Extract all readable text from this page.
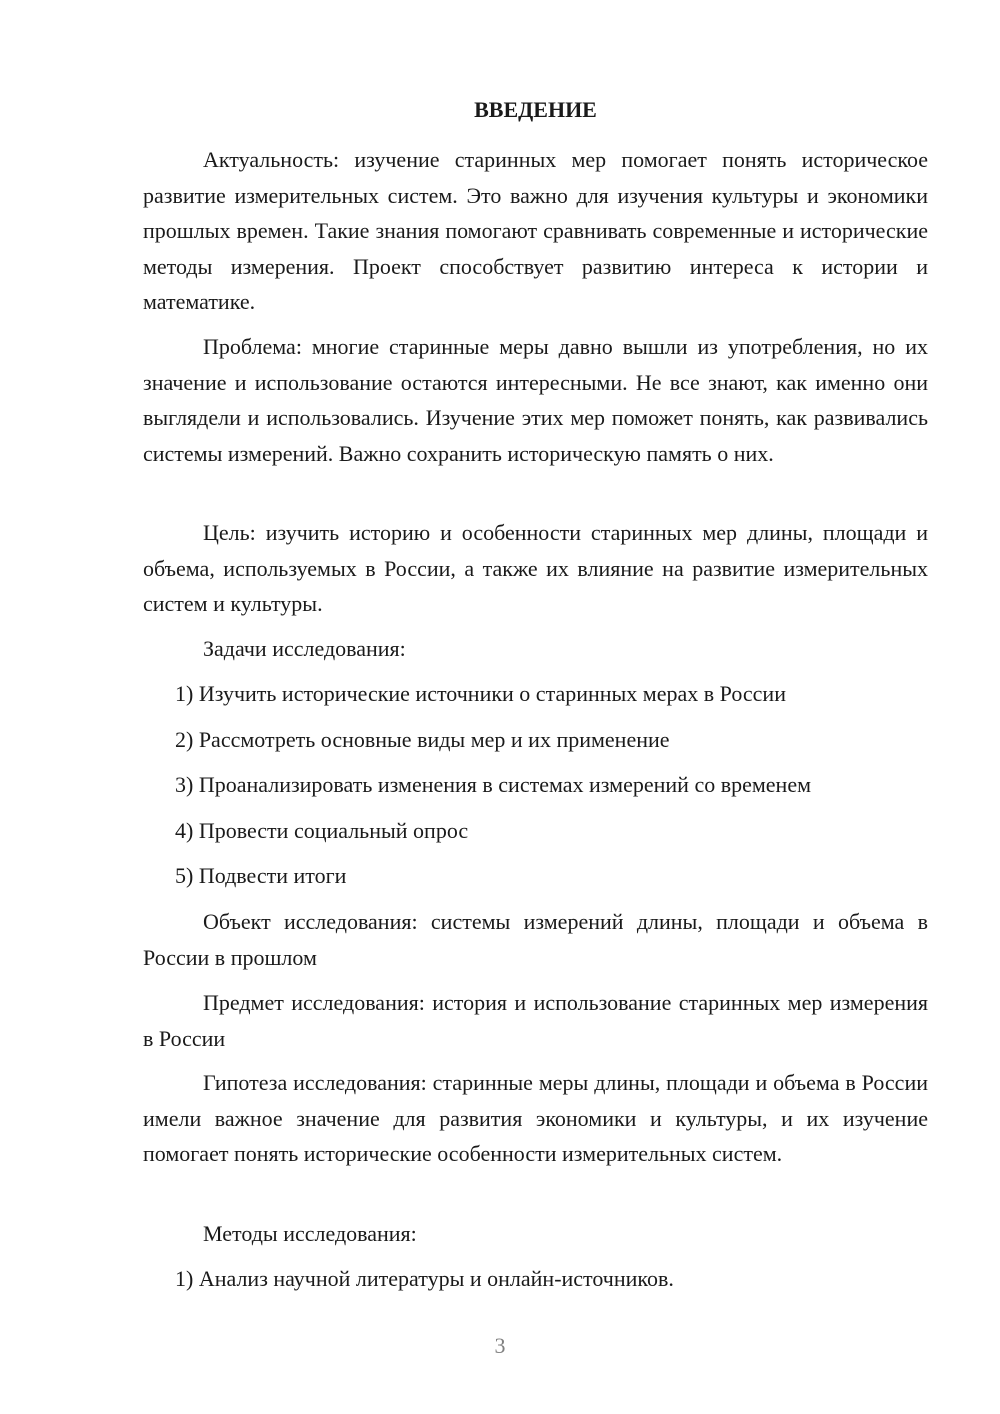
ВВЕДЕНИЕ

Актуальность: изучение старинных мер помогает понять историческое развитие измерительных систем. Это важно для изучения культуры и экономики прошлых времен. Такие знания помогают сравнивать современные и исторические методы измерения. Проект способствует развитию интереса к истории и математике.

Проблема: многие старинные меры давно вышли из употребления, но их значение и использование остаются интересными. Не все знают, как именно они выглядели и использовались. Изучение этих мер поможет понять, как развивались системы измерений. Важно сохранить историческую память о них.

Цель: изучить историю и особенности старинных мер длины, площади и объема, используемых в России, а также их влияние на развитие измерительных систем и культуры.

Задачи исследования:

1) Изучить исторические источники о старинных мерах в России

2) Рассмотреть основные виды мер и их применение

3) Проанализировать изменения в системах измерений со временем

4) Провести социальный опрос

5) Подвести итоги

Объект исследования: системы измерений длины, площади и объема в России в прошлом

Предмет исследования: история и использование старинных мер измерения в России

Гипотеза исследования: старинные меры длины, площади и объема в России имели важное значение для развития экономики и культуры, и их изучение помогает понять исторические особенности измерительных систем.

Методы исследования:

1) Анализ научной литературы и онлайн-источников.

3
